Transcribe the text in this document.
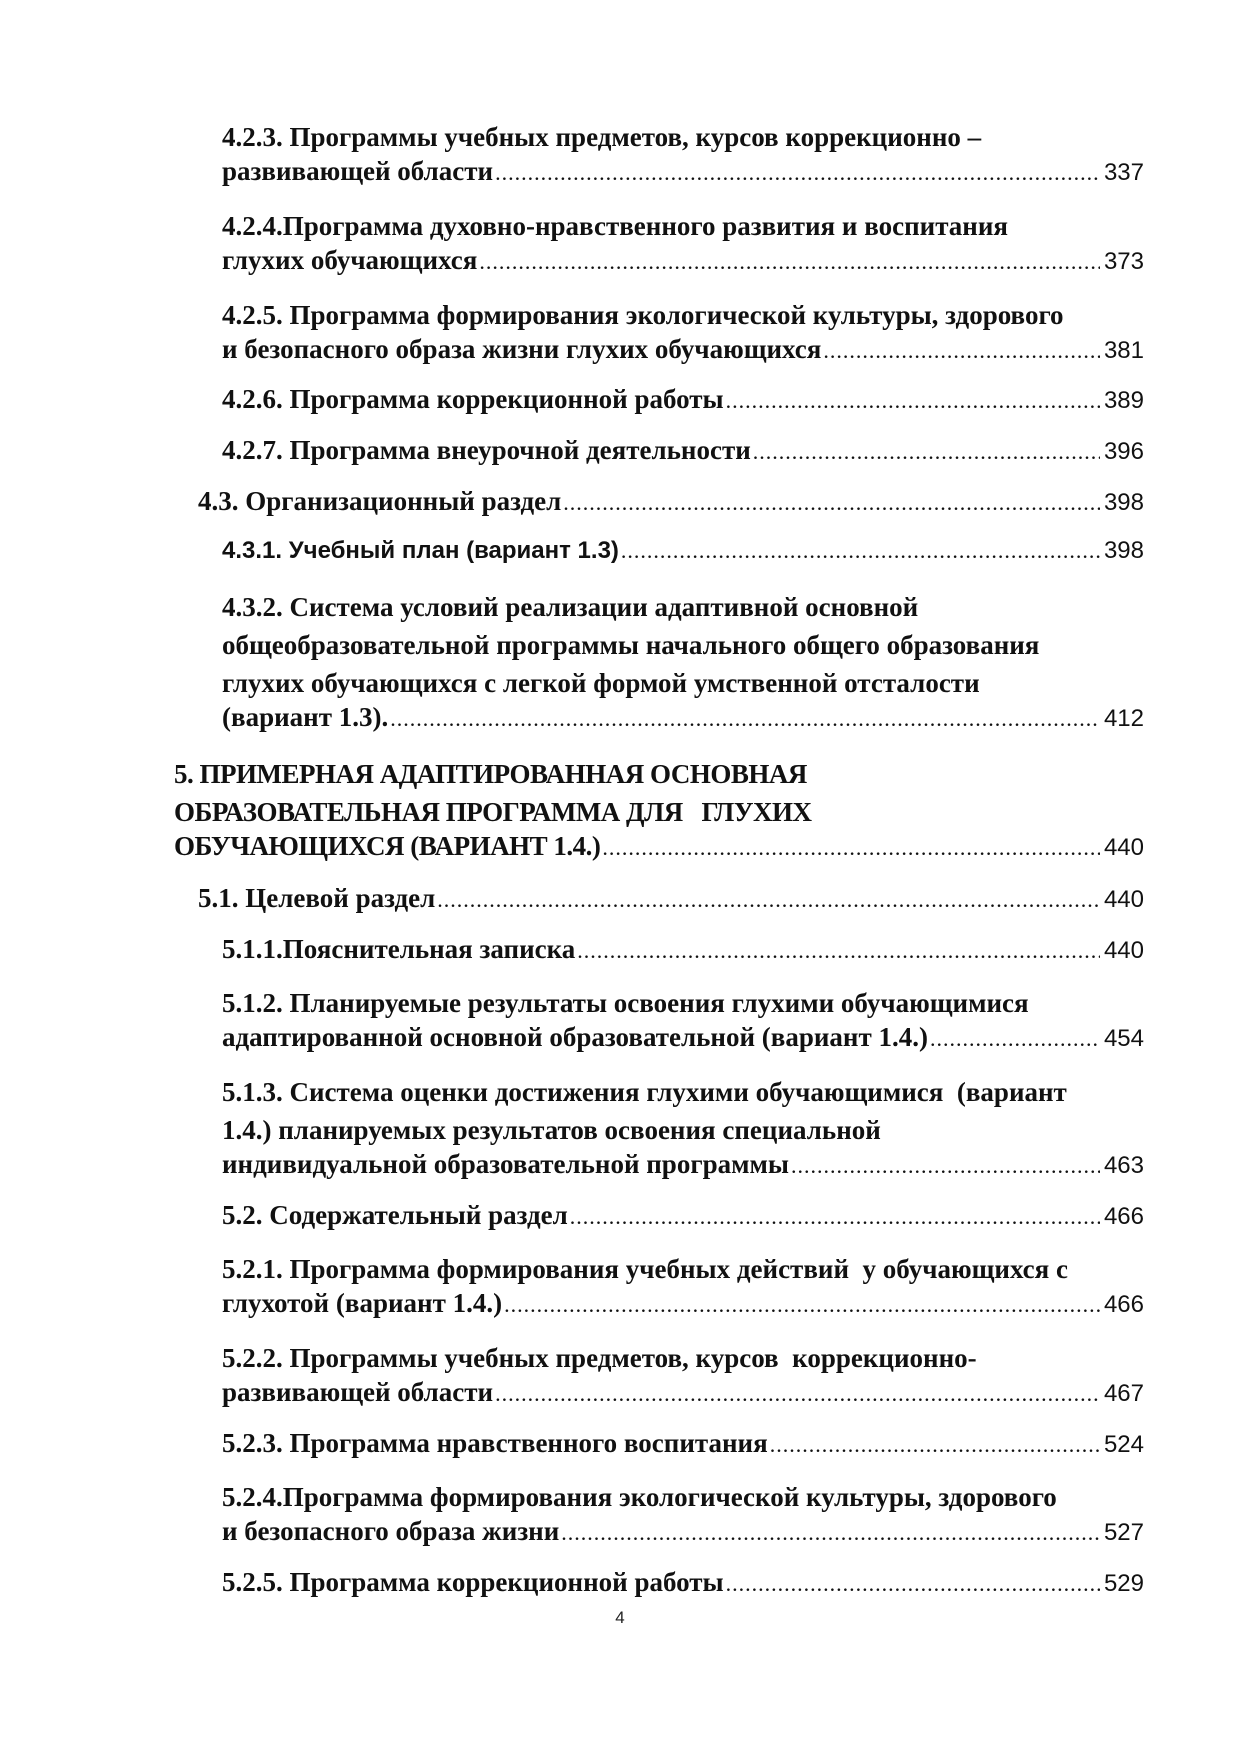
4.2.3. Программы учебных предметов, курсов коррекционно –
развивающей области .....	337
4.2.4.Программа духовно-нравственного развития и воспитания
глухих обучающихся .....	373
4.2.5. Программа формирования экологической культуры, здорового
и безопасного образа жизни глухих обучающихся .....	381
4.2.6. Программа коррекционной работы .....	389
4.2.7. Программа внеурочной деятельности .....	396
4.3. Организационный раздел .....	398
4.3.1. Учебный план (вариант 1.3) .....	398
4.3.2. Система условий реализации адаптивной основной
общеобразовательной программы начального общего образования
глухих обучающихся с легкой формой умственной отсталости
(вариант 1.3). .....	412
5. ПРИМЕРНАЯ АДАПТИРОВАННАЯ ОСНОВНАЯ
ОБРАЗОВАТЕЛЬНАЯ ПРОГРАММА ДЛЯ   ГЛУХИХ
ОБУЧАЮЩИХСЯ (ВАРИАНТ 1.4.) .....	440
5.1. Целевой раздел .....	440
5.1.1.Пояснительная записка .....	440
5.1.2. Планируемые результаты освоения глухими обучающимися
адаптированной основной образовательной (вариант 1.4.) .....	454
5.1.3. Система оценки достижения глухими обучающимися  (вариант
1.4.) планируемых результатов освоения специальной
индивидуальной образовательной программы .....	463
5.2. Содержательный раздел .....	466
5.2.1. Программа формирования учебных действий  у обучающихся с
глухотой (вариант 1.4.) .....	466
5.2.2. Программы учебных предметов, курсов  коррекционно-
развивающей области .....	467
5.2.3. Программа нравственного воспитания .....	524
5.2.4.Программа формирования экологической культуры, здорового
и безопасного образа жизни .....	527
5.2.5. Программа коррекционной работы .....	529
4
